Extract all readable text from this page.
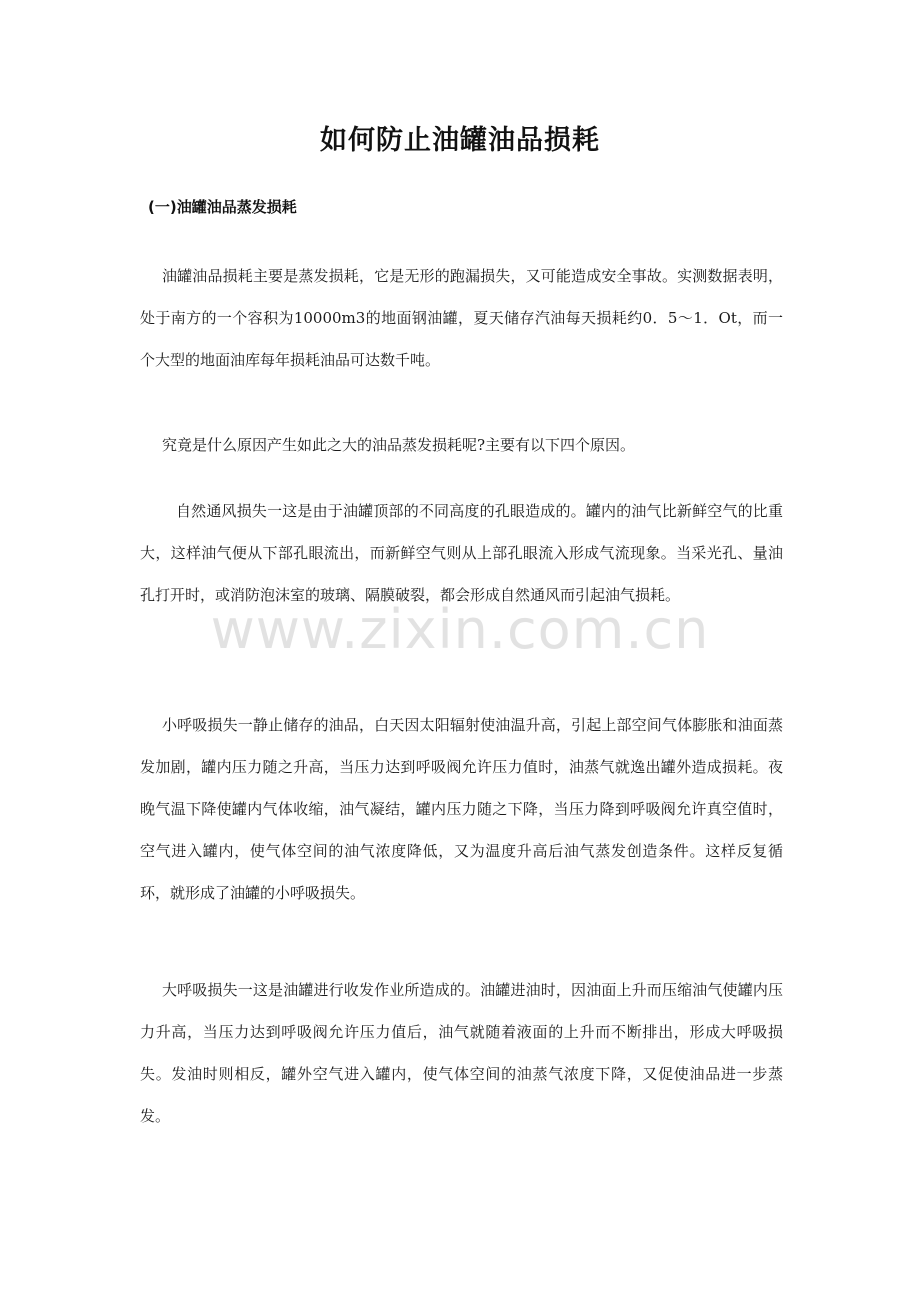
如何防止油罐油品损耗
(一)油罐油品蒸发损耗

油罐油品损耗主要是蒸发损耗，它是无形的跑漏损失，又可能造成安全事故。实测数据表明，处于南方的一个容积为10000m3的地面钢油罐，夏天储存汽油每天损耗约0．5～1．Ot，而一个大型的地面油库每年损耗油品可达数千吨。

究竟是什么原因产生如此之大的油品蒸发损耗呢?主要有以下四个原因。

自然通风损失一这是由于油罐顶部的不同高度的孔眼造成的。罐内的油气比新鲜空气的比重大，这样油气便从下部孔眼流出，而新鲜空气则从上部孔眼流入形成气流现象。当采光孔、量油孔打开时，或消防泡沫室的玻璃、隔膜破裂，都会形成自然通风而引起油气损耗。

www.zixin.com.cn

小呼吸损失一静止储存的油品，白天因太阳辐射使油温升高，引起上部空间气体膨胀和油面蒸发加剧，罐内压力随之升高，当压力达到呼吸阀允许压力值时，油蒸气就逸出罐外造成损耗。夜晚气温下降使罐内气体收缩，油气凝结，罐内压力随之下降，当压力降到呼吸阀允许真空值时，空气进入罐内，使气体空间的油气浓度降低，又为温度升高后油气蒸发创造条件。这样反复循环，就形成了油罐的小呼吸损失。

大呼吸损失一这是油罐进行收发作业所造成的。油罐进油时，因油面上升而压缩油气使罐内压力升高，当压力达到呼吸阀允许压力值后，油气就随着液面的上升而不断排出，形成大呼吸损失。发油时则相反，罐外空气进入罐内，使气体空间的油蒸气浓度下降，又促使油品进一步蒸发。
